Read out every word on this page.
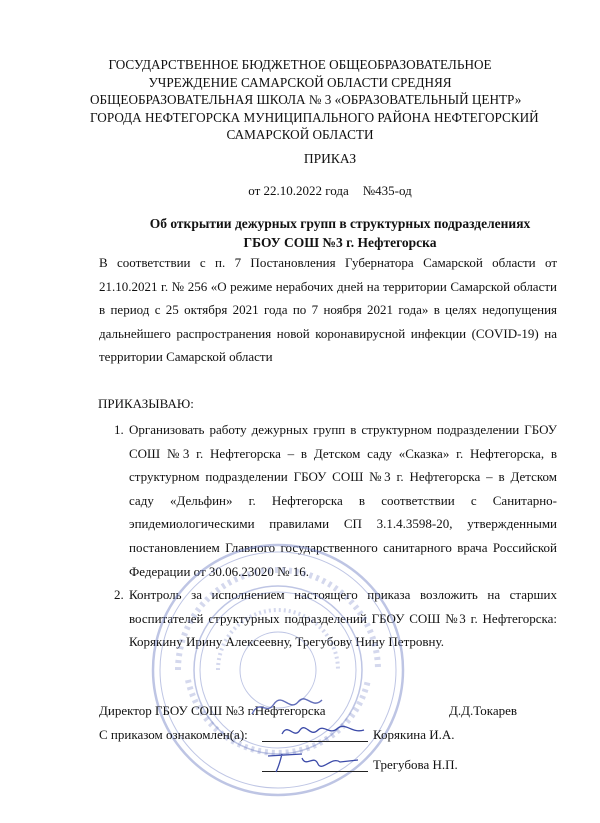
ГОСУДАРСТВЕННОЕ БЮДЖЕТНОЕ ОБЩЕОБРАЗОВАТЕЛЬНОЕ
УЧРЕЖДЕНИЕ САМАРСКОЙ ОБЛАСТИ СРЕДНЯЯ
ОБЩЕОБРАЗОВАТЕЛЬНАЯ ШКОЛА № 3 «ОБРАЗОВАТЕЛЬНЫЙ ЦЕНТР»
ГОРОДА НЕФТЕГОРСКА МУНИЦИПАЛЬНОГО РАЙОНА НЕФТЕГОРСКИЙ
САМАРСКОЙ ОБЛАСТИ
ПРИКАЗ
от 22.10.2022 года №435-од
Об открытии дежурных групп в структурных подразделениях
ГБОУ СОШ №3 г. Нефтегорска
В соответствии с п. 7 Постановления Губернатора Самарской области от 21.10.2021 г. № 256 «О режиме нерабочих дней на территории Самарской области в период с 25 октября 2021 года по 7 ноября 2021 года» в целях недопущения дальнейшего распространения новой коронавирусной инфекции (COVID-19) на территории Самарской области
ПРИКАЗЫВАЮ:
1. Организовать работу дежурных групп в структурном подразделении ГБОУ СОШ №3 г. Нефтегорска – в Детском саду «Сказка» г. Нефтегорска, в структурном подразделении ГБОУ СОШ №3 г. Нефтегорска – в Детском саду «Дельфин» г. Нефтегорска в соответствии с Санитарно-эпидемиологическими правилами СП 3.1.4.3598-20, утвержденными постановлением Главного государственного санитарного врача Российской Федерации от 30.06.23020 № 16.
2. Контроль за исполнением настоящего приказа возложить на старших воспитателей структурных подразделений ГБОУ СОШ №3 г. Нефтегорска: Корякину Ирину Алексеевну, Трегубову Нину Петровну.
Директор ГБОУ СОШ №3 г.Нефтегорска	Д.Д.Токарев
С приказом ознакомлен(а):	Корякина И.А.
Трегубова Н.П.
